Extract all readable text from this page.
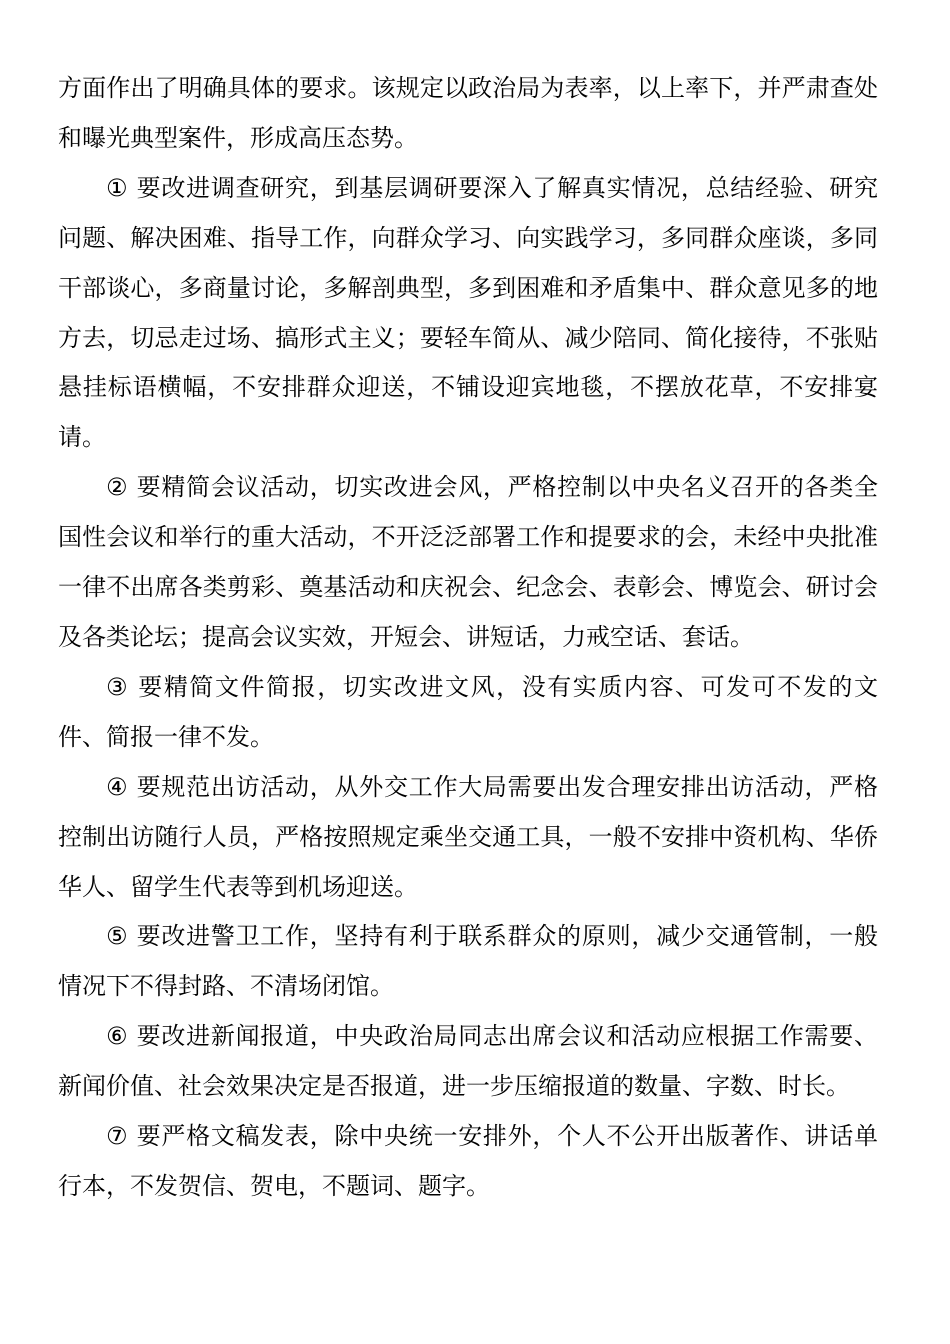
方面作出了明确具体的要求。该规定以政治局为表率，以上率下，并严肃查处和曝光典型案件，形成高压态势。

① 要改进调查研究，到基层调研要深入了解真实情况，总结经验、研究问题、解决困难、指导工作，向群众学习、向实践学习，多同群众座谈，多同干部谈心，多商量讨论，多解剖典型，多到困难和矛盾集中、群众意见多的地方去，切忌走过场、搞形式主义；要轻车简从、减少陪同、简化接待，不张贴悬挂标语横幅，不安排群众迎送，不铺设迎宾地毯，不摆放花草，不安排宴请。

② 要精简会议活动，切实改进会风，严格控制以中央名义召开的各类全国性会议和举行的重大活动，不开泛泛部署工作和提要求的会，未经中央批准一律不出席各类剪彩、奠基活动和庆祝会、纪念会、表彰会、博览会、研讨会及各类论坛；提高会议实效，开短会、讲短话，力戒空话、套话。

③ 要精简文件简报，切实改进文风，没有实质内容、可发可不发的文件、简报一律不发。

④ 要规范出访活动，从外交工作大局需要出发合理安排出访活动，严格控制出访随行人员，严格按照规定乘坐交通工具，一般不安排中资机构、华侨华人、留学生代表等到机场迎送。

⑤ 要改进警卫工作，坚持有利于联系群众的原则，减少交通管制，一般情况下不得封路、不清场闭馆。

⑥ 要改进新闻报道，中央政治局同志出席会议和活动应根据工作需要、新闻价值、社会效果决定是否报道，进一步压缩报道的数量、字数、时长。

⑦ 要严格文稿发表，除中央统一安排外，个人不公开出版著作、讲话单行本，不发贺信、贺电，不题词、题字。
